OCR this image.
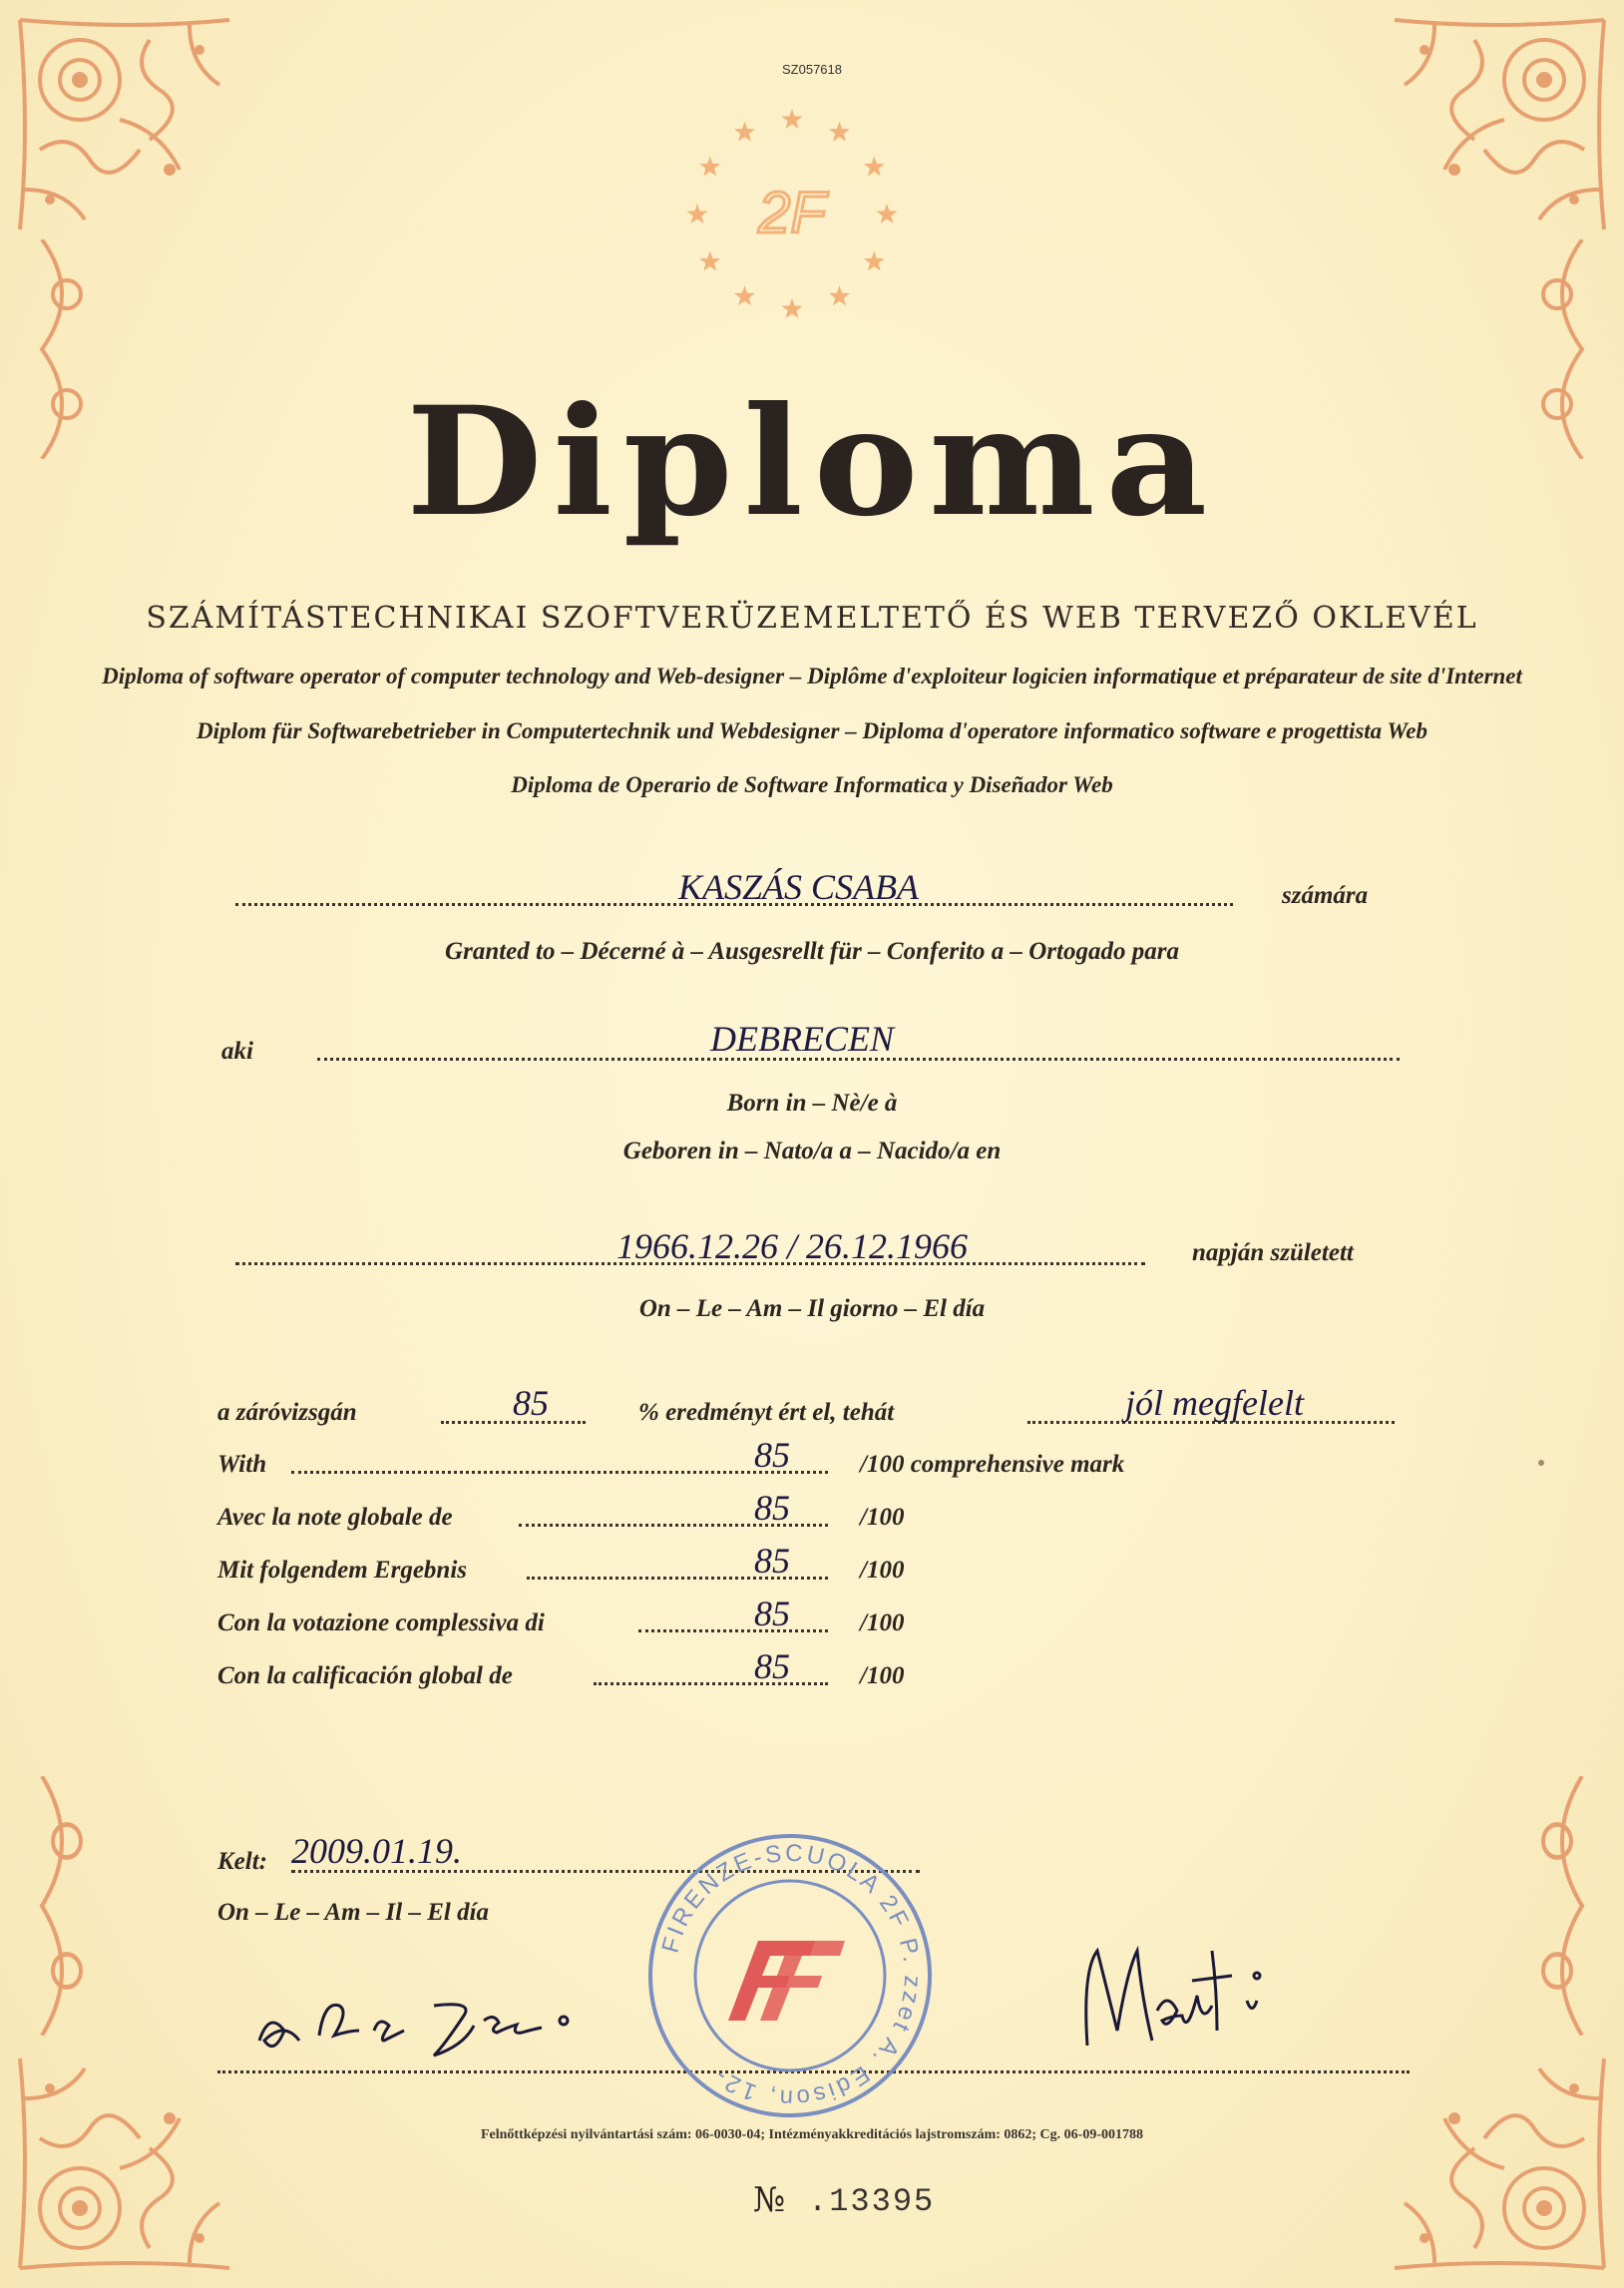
SZ057618
2F
Diploma
SZÁMÍTÁSTECHNIKAI SZOFTVERÜZEMELTETŐ ÉS WEB TERVEZŐ OKLEVÉL
Diploma of software operator of computer technology and Web-designer – Diplôme d'exploiteur logicien informatique et préparateur de site d'Internet
Diplom für Softwarebetrieber in Computertechnik und Webdesigner – Diploma d'operatore informatico software e progettista Web
Diploma de Operario de Software Informatica y Diseñador Web
KASZÁS CSABA	számára
Granted to – Décerné à – Ausgesrellt für – Conferito a – Ortogado para
aki	DEBRECEN
Born in – Nè/e à
Geboren in – Nato/a a – Nacido/a en
1966.12.26 / 26.12.1966	napján született
On – Le – Am – Il giorno – El día
a záróvizsgán	85	% eredményt ért el, tehát	jól megfelelt
With	85	/100 comprehensive mark
Avec la note globale de	85	/100
Mit folgendem Ergebnis	85	/100
Con la votazione complessiva di	85	/100
Con la calificación global de	85	/100
Kelt: 2009.01.19.
On – Le – Am – Il – El día
FIRENZE-SCUOLA 2F P. zzet A. Edison, 12-
Felnőttképzési nyilvántartási szám: 06-0030-04; Intézményakkreditációs lajstromszám: 0862; Cg. 06-09-001788
№ .13395
